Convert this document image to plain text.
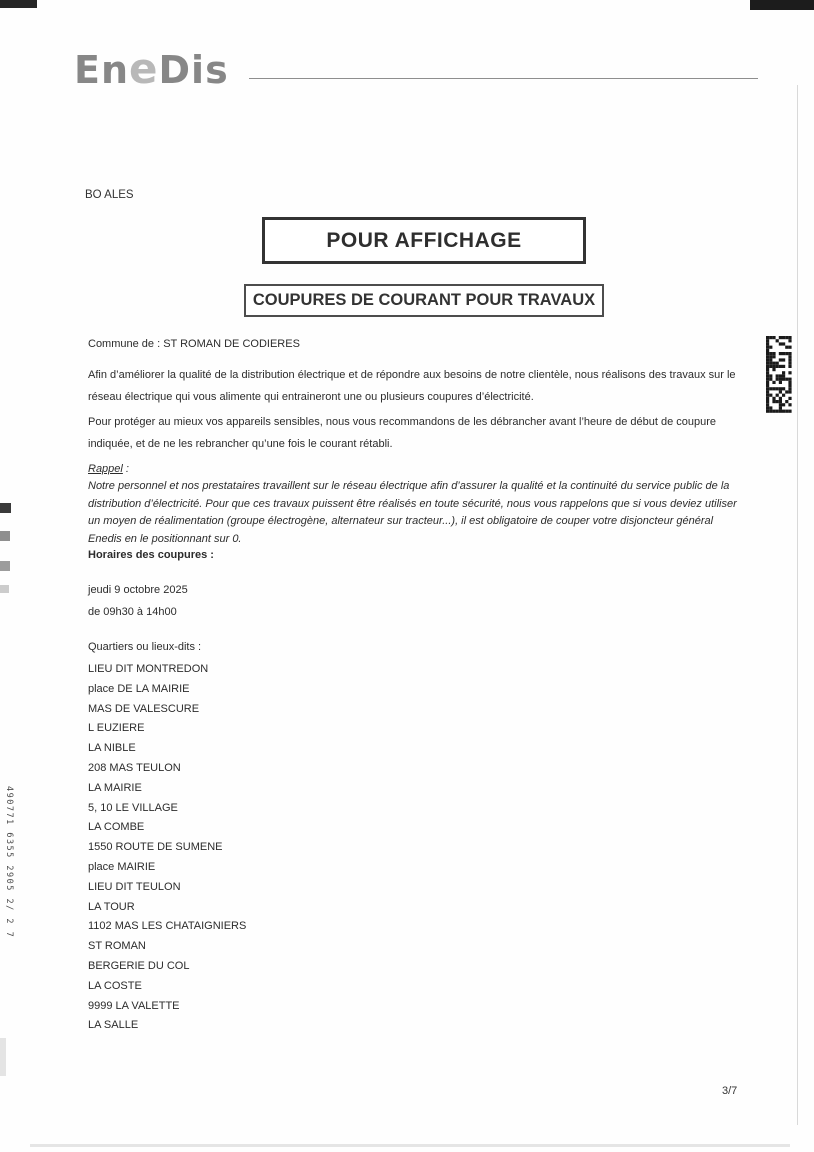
EneDis
BO ALES
POUR AFFICHAGE
COUPURES DE COURANT POUR TRAVAUX
Commune de : ST ROMAN DE CODIERES
Afin d’améliorer la qualité de la distribution électrique et de répondre aux besoins de notre clientèle, nous réalisons des travaux sur le réseau électrique qui vous alimente qui entraineront une ou plusieurs coupures d’électricité.
Pour protéger au mieux vos appareils sensibles, nous vous recommandons de les débrancher avant l’heure de début de coupure indiquée, et de ne les rebrancher qu’une fois le courant rétabli.
Rappel :
Notre personnel et nos prestataires travaillent sur le réseau électrique afin d’assurer la qualité et la continuité du service public de la distribution d’électricité. Pour que ces travaux puissent être réalisés en toute sécurité, nous vous rappelons que si vous deviez utiliser un moyen de réalimentation (groupe électrogène, alternateur sur tracteur...), il est obligatoire de couper votre disjoncteur général Enedis en le positionnant sur 0.
Horaires des coupures :
jeudi 9 octobre 2025
de 09h30 à 14h00
Quartiers ou lieux-dits :
LIEU DIT MONTREDON
place DE LA MAIRIE
MAS DE VALESCURE
L EUZIERE
LA NIBLE
208 MAS TEULON
LA MAIRIE
5, 10 LE VILLAGE
LA COMBE
1550 ROUTE DE SUMENE
place MAIRIE
LIEU DIT TEULON
LA TOUR
1102 MAS LES CHATAIGNIERS
ST ROMAN
BERGERIE DU COL
LA COSTE
9999 LA VALETTE
LA SALLE
490771 6355 2905 2/ 2 7
3/7
